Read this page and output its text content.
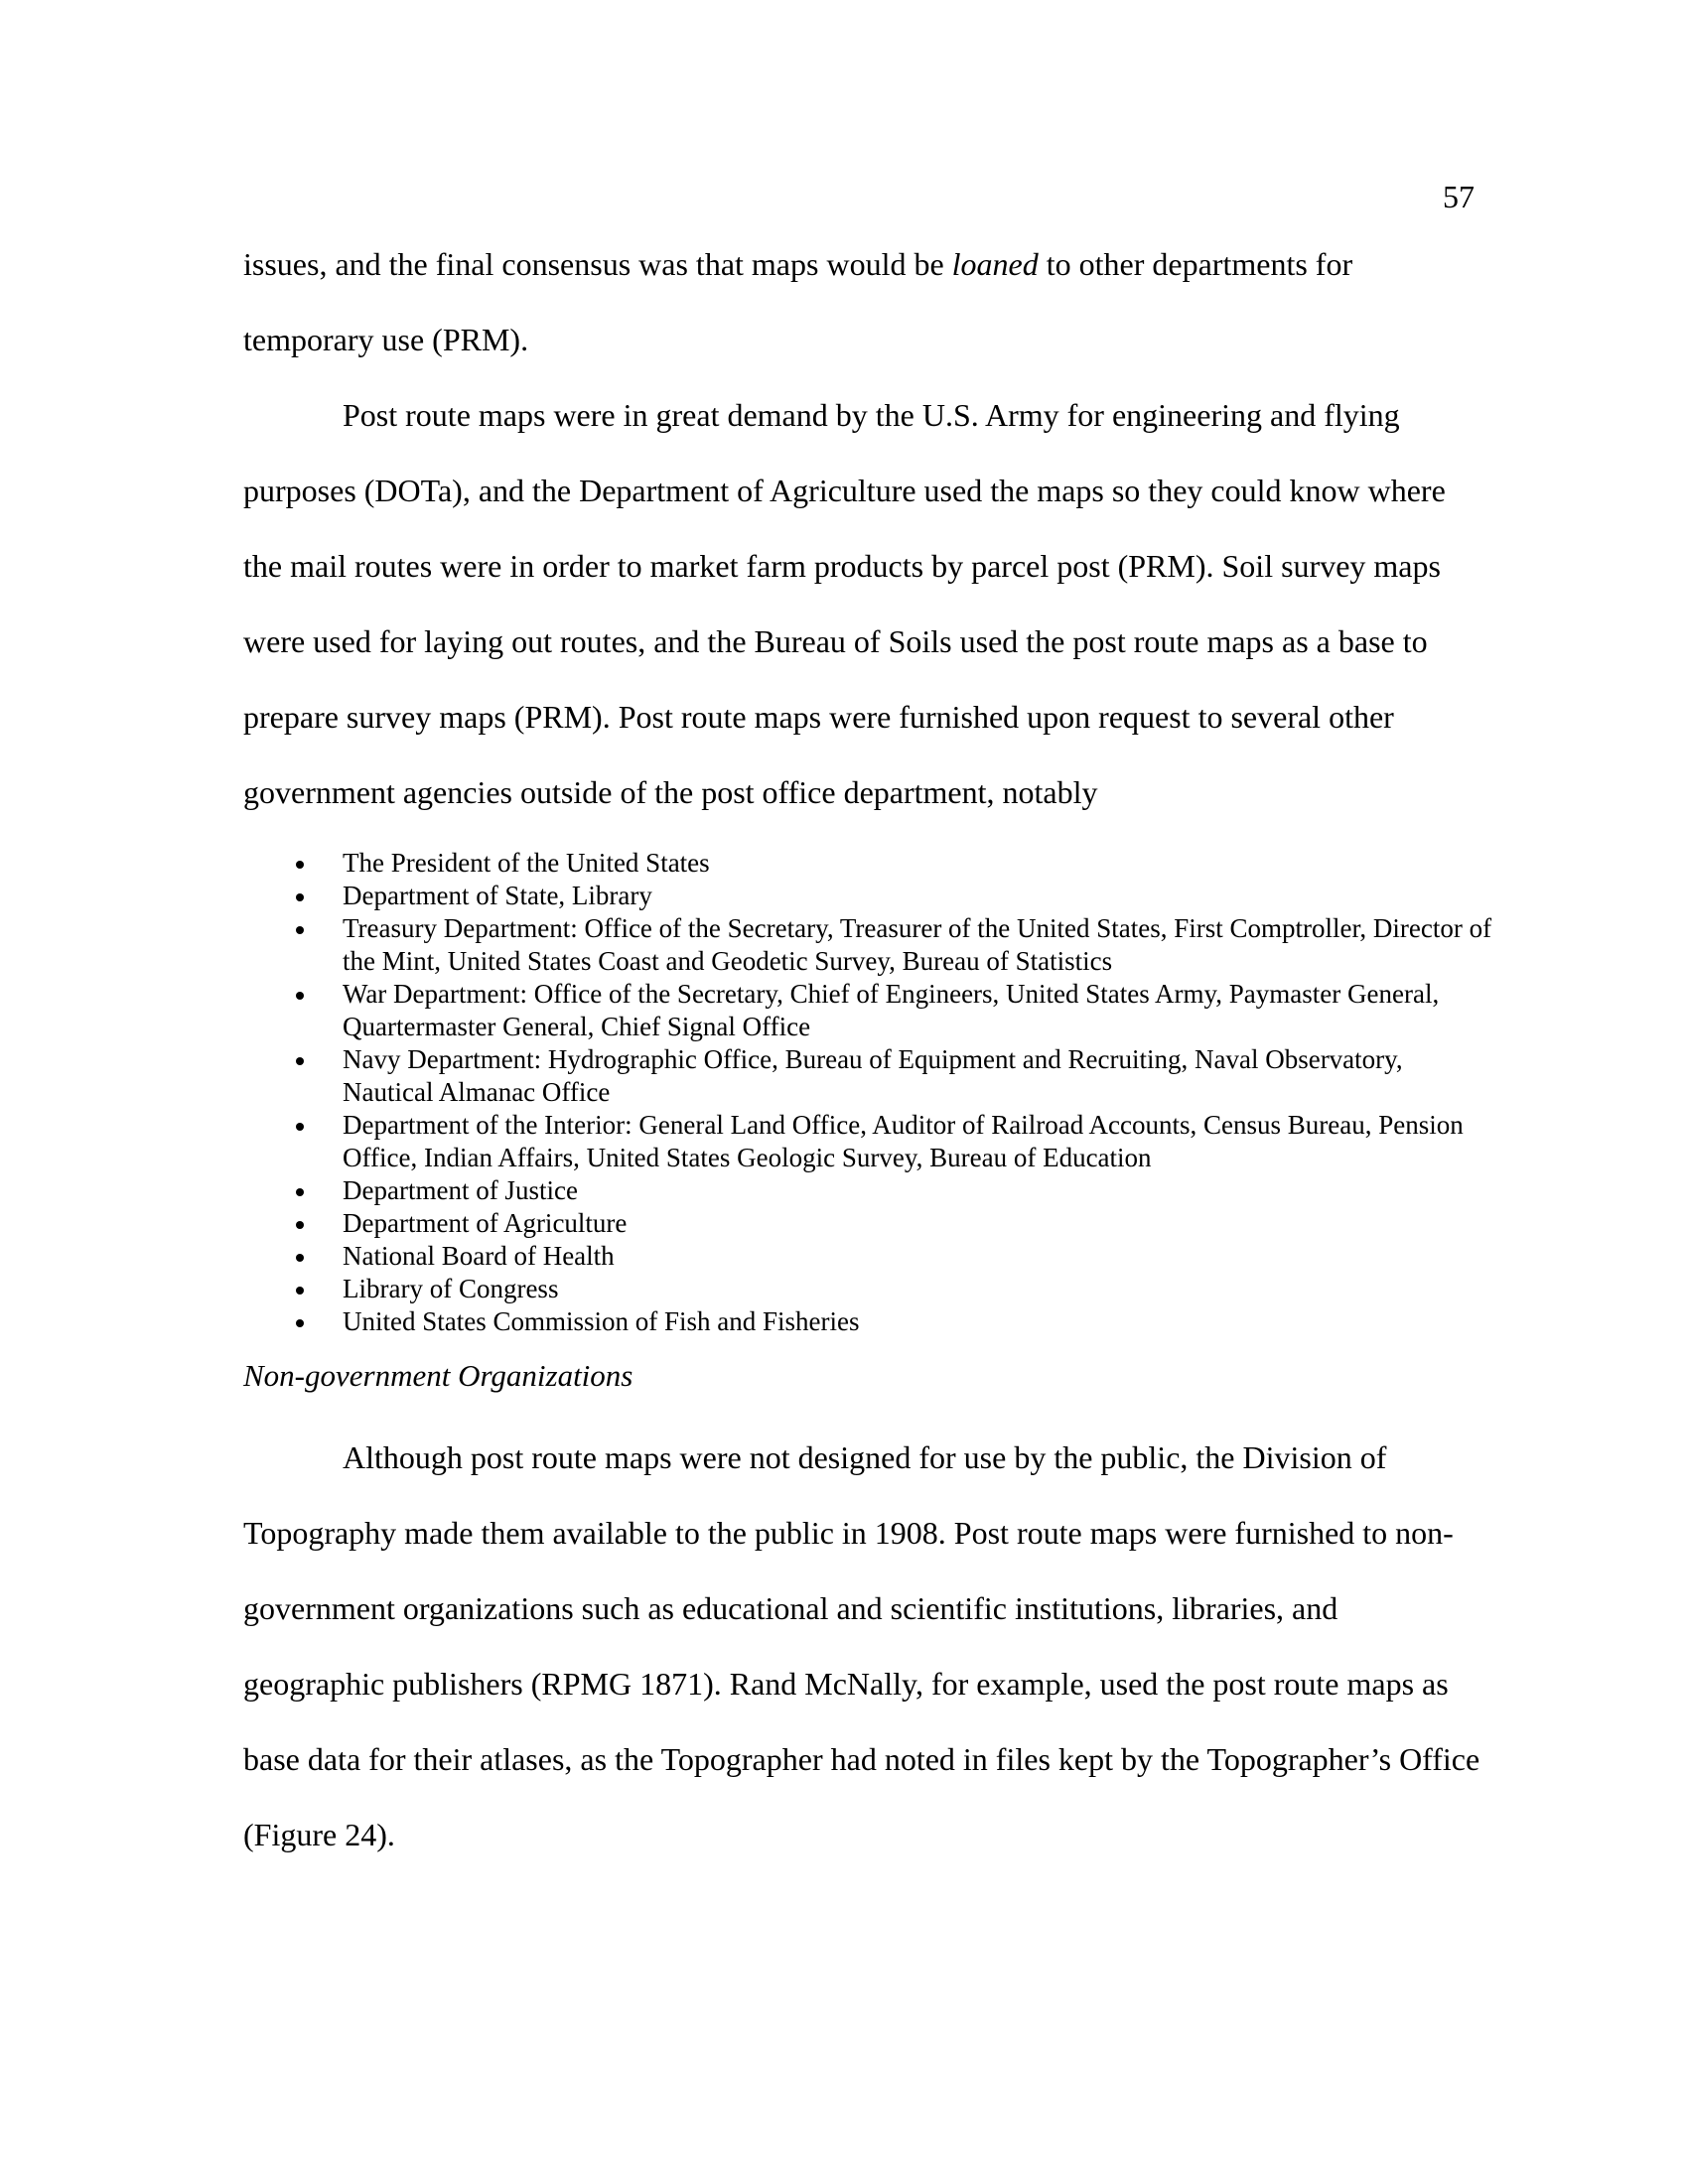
57

issues, and the final consensus was that maps would be loaned to other departments for temporary use (PRM).

Post route maps were in great demand by the U.S. Army for engineering and flying purposes (DOTa), and the Department of Agriculture used the maps so they could know where the mail routes were in order to market farm products by parcel post (PRM). Soil survey maps were used for laying out routes, and the Bureau of Soils used the post route maps as a base to prepare survey maps (PRM). Post route maps were furnished upon request to several other government agencies outside of the post office department, notably

The President of the United States
Department of State, Library
Treasury Department: Office of the Secretary, Treasurer of the United States, First Comptroller, Director of the Mint, United States Coast and Geodetic Survey, Bureau of Statistics
War Department: Office of the Secretary, Chief of Engineers, United States Army, Paymaster General, Quartermaster General, Chief Signal Office
Navy Department: Hydrographic Office, Bureau of Equipment and Recruiting, Naval Observatory, Nautical Almanac Office
Department of the Interior: General Land Office, Auditor of Railroad Accounts, Census Bureau, Pension Office, Indian Affairs, United States Geologic Survey, Bureau of Education
Department of Justice
Department of Agriculture
National Board of Health
Library of Congress
United States Commission of Fish and Fisheries
Non-government Organizations

Although post route maps were not designed for use by the public, the Division of Topography made them available to the public in 1908. Post route maps were furnished to non-government organizations such as educational and scientific institutions, libraries, and geographic publishers (RPMG 1871). Rand McNally, for example, used the post route maps as base data for their atlases, as the Topographer had noted in files kept by the Topographer’s Office (Figure 24).
